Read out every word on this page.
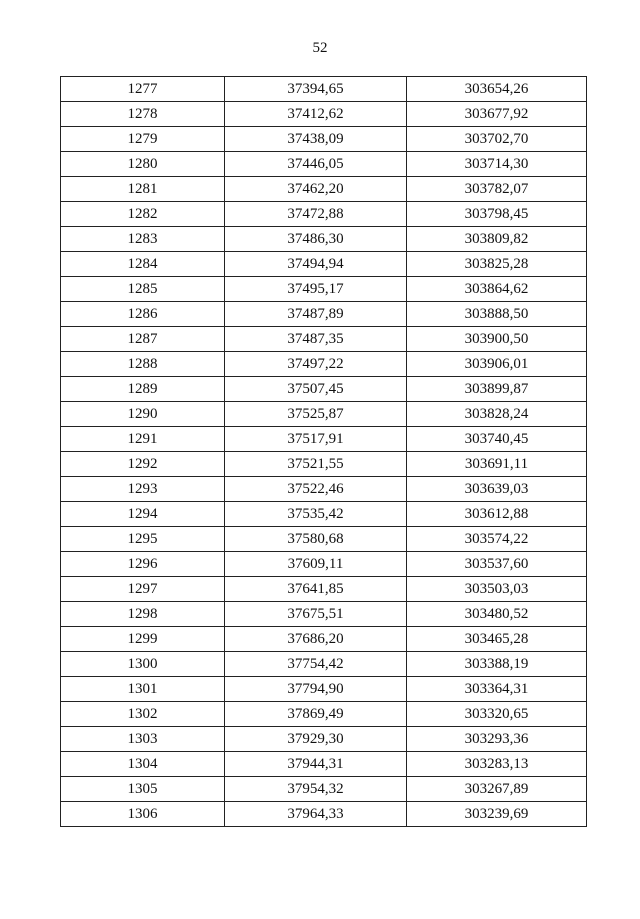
52
1277	37394,65	303654,26
1278	37412,62	303677,92
1279	37438,09	303702,70
1280	37446,05	303714,30
1281	37462,20	303782,07
1282	37472,88	303798,45
1283	37486,30	303809,82
1284	37494,94	303825,28
1285	37495,17	303864,62
1286	37487,89	303888,50
1287	37487,35	303900,50
1288	37497,22	303906,01
1289	37507,45	303899,87
1290	37525,87	303828,24
1291	37517,91	303740,45
1292	37521,55	303691,11
1293	37522,46	303639,03
1294	37535,42	303612,88
1295	37580,68	303574,22
1296	37609,11	303537,60
1297	37641,85	303503,03
1298	37675,51	303480,52
1299	37686,20	303465,28
1300	37754,42	303388,19
1301	37794,90	303364,31
1302	37869,49	303320,65
1303	37929,30	303293,36
1304	37944,31	303283,13
1305	37954,32	303267,89
1306	37964,33	303239,69
